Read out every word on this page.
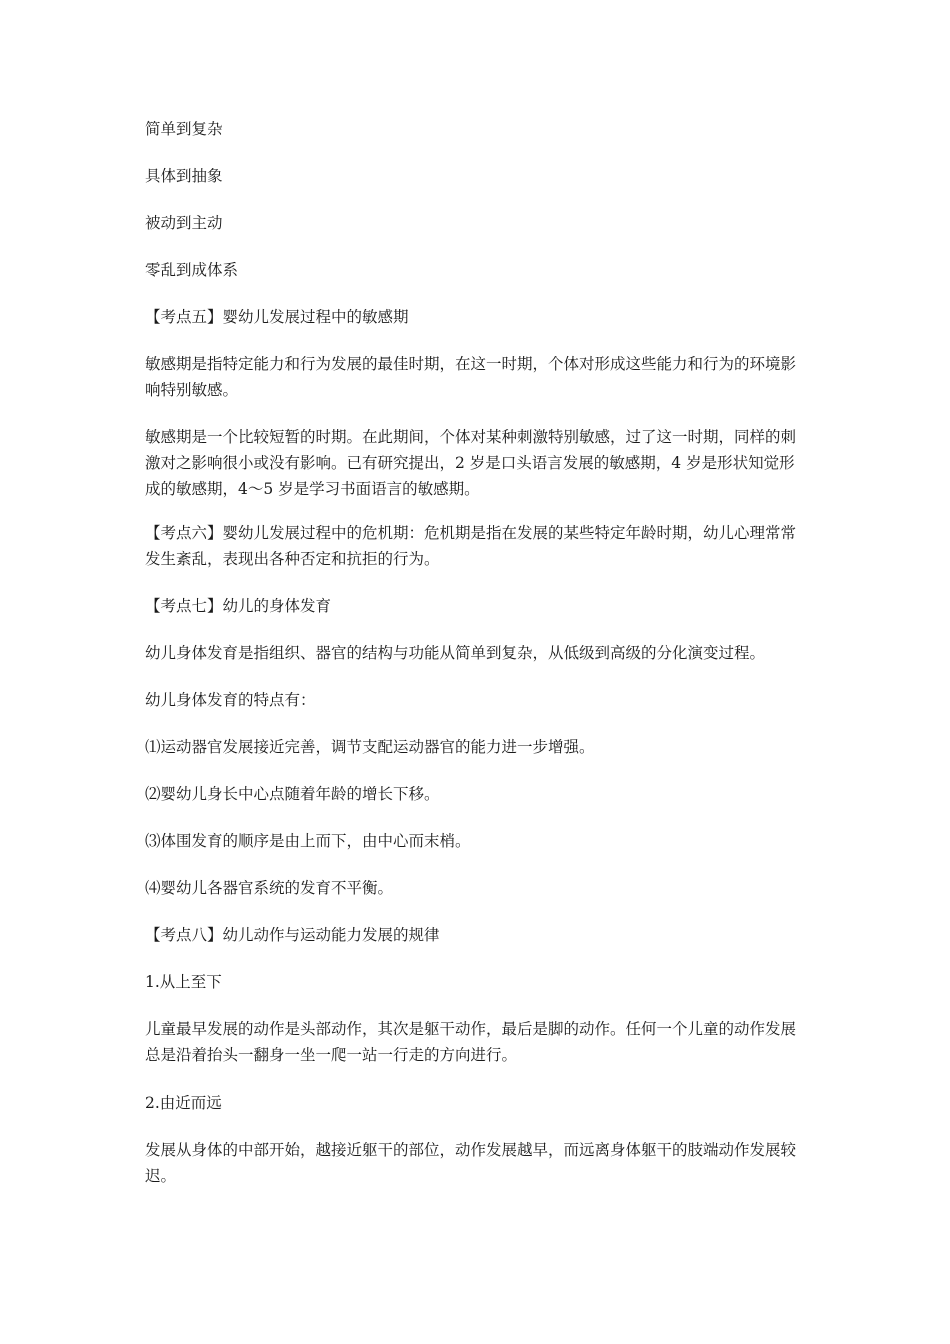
简单到复杂

具体到抽象

被动到主动

零乱到成体系

【考点五】婴幼儿发展过程中的敏感期

敏感期是指特定能力和行为发展的最佳时期，在这一时期，个体对形成这些能力和行为的环境影响特别敏感。

敏感期是一个比较短暂的时期。在此期间，个体对某种刺激特别敏感，过了这一时期，同样的刺激对之影响很小或没有影响。已有研究提出，2 岁是口头语言发展的敏感期，4 岁是形状知觉形成的敏感期，4～5 岁是学习书面语言的敏感期。

【考点六】婴幼儿发展过程中的危机期：危机期是指在发展的某些特定年龄时期，幼儿心理常常发生紊乱，表现出各种否定和抗拒的行为。

【考点七】幼儿的身体发育

幼儿身体发育是指组织、器官的结构与功能从简单到复杂，从低级到高级的分化演变过程。

幼儿身体发育的特点有：

⑴运动器官发展接近完善，调节支配运动器官的能力进一步增强。

⑵婴幼儿身长中心点随着年龄的增长下移。

⑶体围发育的顺序是由上而下，由中心而末梢。

⑷婴幼儿各器官系统的发育不平衡。

【考点八】幼儿动作与运动能力发展的规律

1.从上至下

儿童最早发展的动作是头部动作，其次是躯干动作，最后是脚的动作。任何一个儿童的动作发展总是沿着抬头一翻身一坐一爬一站一行走的方向进行。

2.由近而远

发展从身体的中部开始，越接近躯干的部位，动作发展越早，而远离身体躯干的肢端动作发展较迟。
